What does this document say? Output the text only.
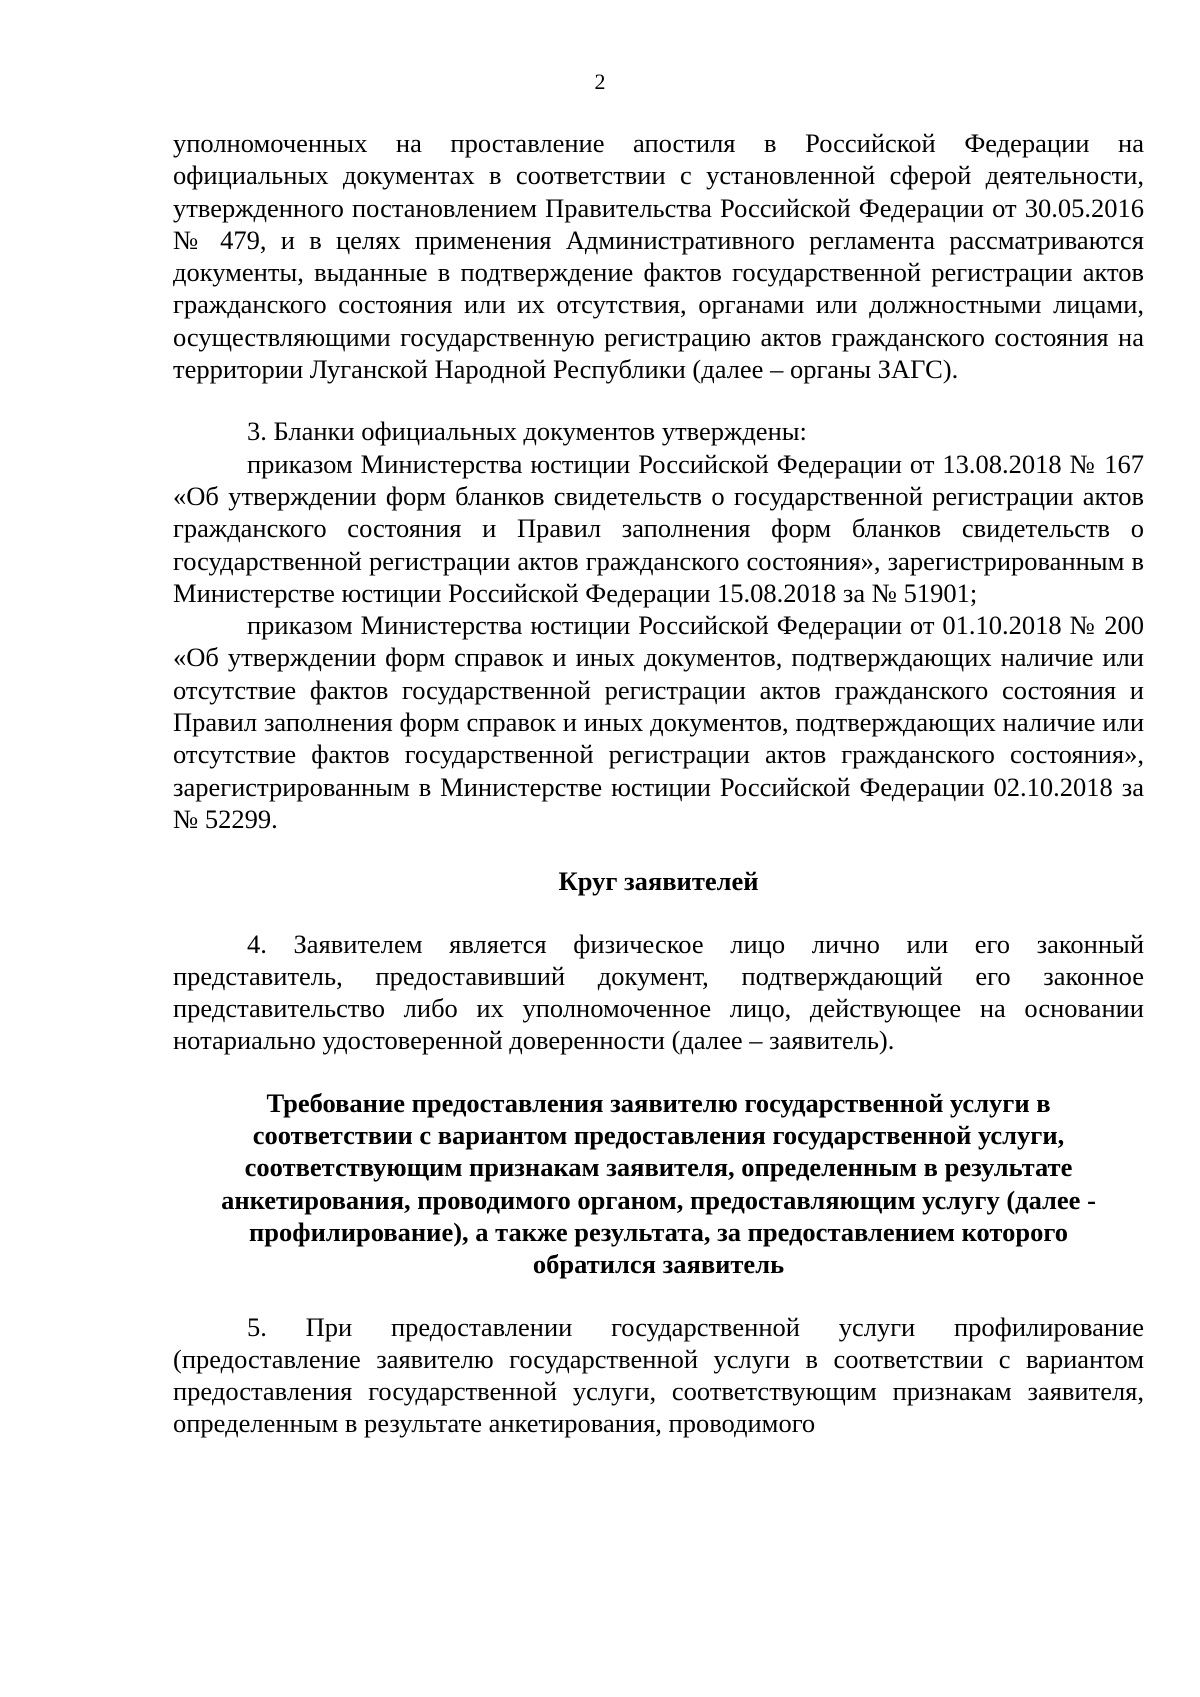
2

уполномоченных на проставление апостиля в Российской Федерации на официальных документах в соответствии с установленной сферой деятельности, утвержденного постановлением Правительства Российской Федерации от 30.05.2016 № 479, и в целях применения Административного регламента рассматриваются документы, выданные в подтверждение фактов государственной регистрации актов гражданского состояния или их отсутствия, органами или должностными лицами, осуществляющими государственную регистрацию актов гражданского состояния на территории Луганской Народной Республики (далее – органы ЗАГС).

3. Бланки официальных документов утверждены:

приказом Министерства юстиции Российской Федерации от 13.08.2018 № 167 «Об утверждении форм бланков свидетельств о государственной регистрации актов гражданского состояния и Правил заполнения форм бланков свидетельств о государственной регистрации актов гражданского состояния», зарегистрированным в Министерстве юстиции Российской Федерации 15.08.2018 за № 51901;

приказом Министерства юстиции Российской Федерации от 01.10.2018 № 200 «Об утверждении форм справок и иных документов, подтверждающих наличие или отсутствие фактов государственной регистрации актов гражданского состояния и Правил заполнения форм справок и иных документов, подтверждающих наличие или отсутствие фактов государственной регистрации актов гражданского состояния», зарегистрированным в Министерстве юстиции Российской Федерации 02.10.2018 за № 52299.

Круг заявителей

4. Заявителем является физическое лицо лично или его законный представитель, предоставивший документ, подтверждающий его законное представительство либо их уполномоченное лицо, действующее на основании нотариально удостоверенной доверенности (далее – заявитель).

Требование предоставления заявителю государственной услуги в соответствии с вариантом предоставления государственной услуги, соответствующим признакам заявителя, определенным в результате анкетирования, проводимого органом, предоставляющим услугу (далее - профилирование), а также результата, за предоставлением которого обратился заявитель

5. При предоставлении государственной услуги профилирование (предоставление заявителю государственной услуги в соответствии с вариантом предоставления государственной услуги, соответствующим признакам заявителя, определенным в результате анкетирования, проводимого
